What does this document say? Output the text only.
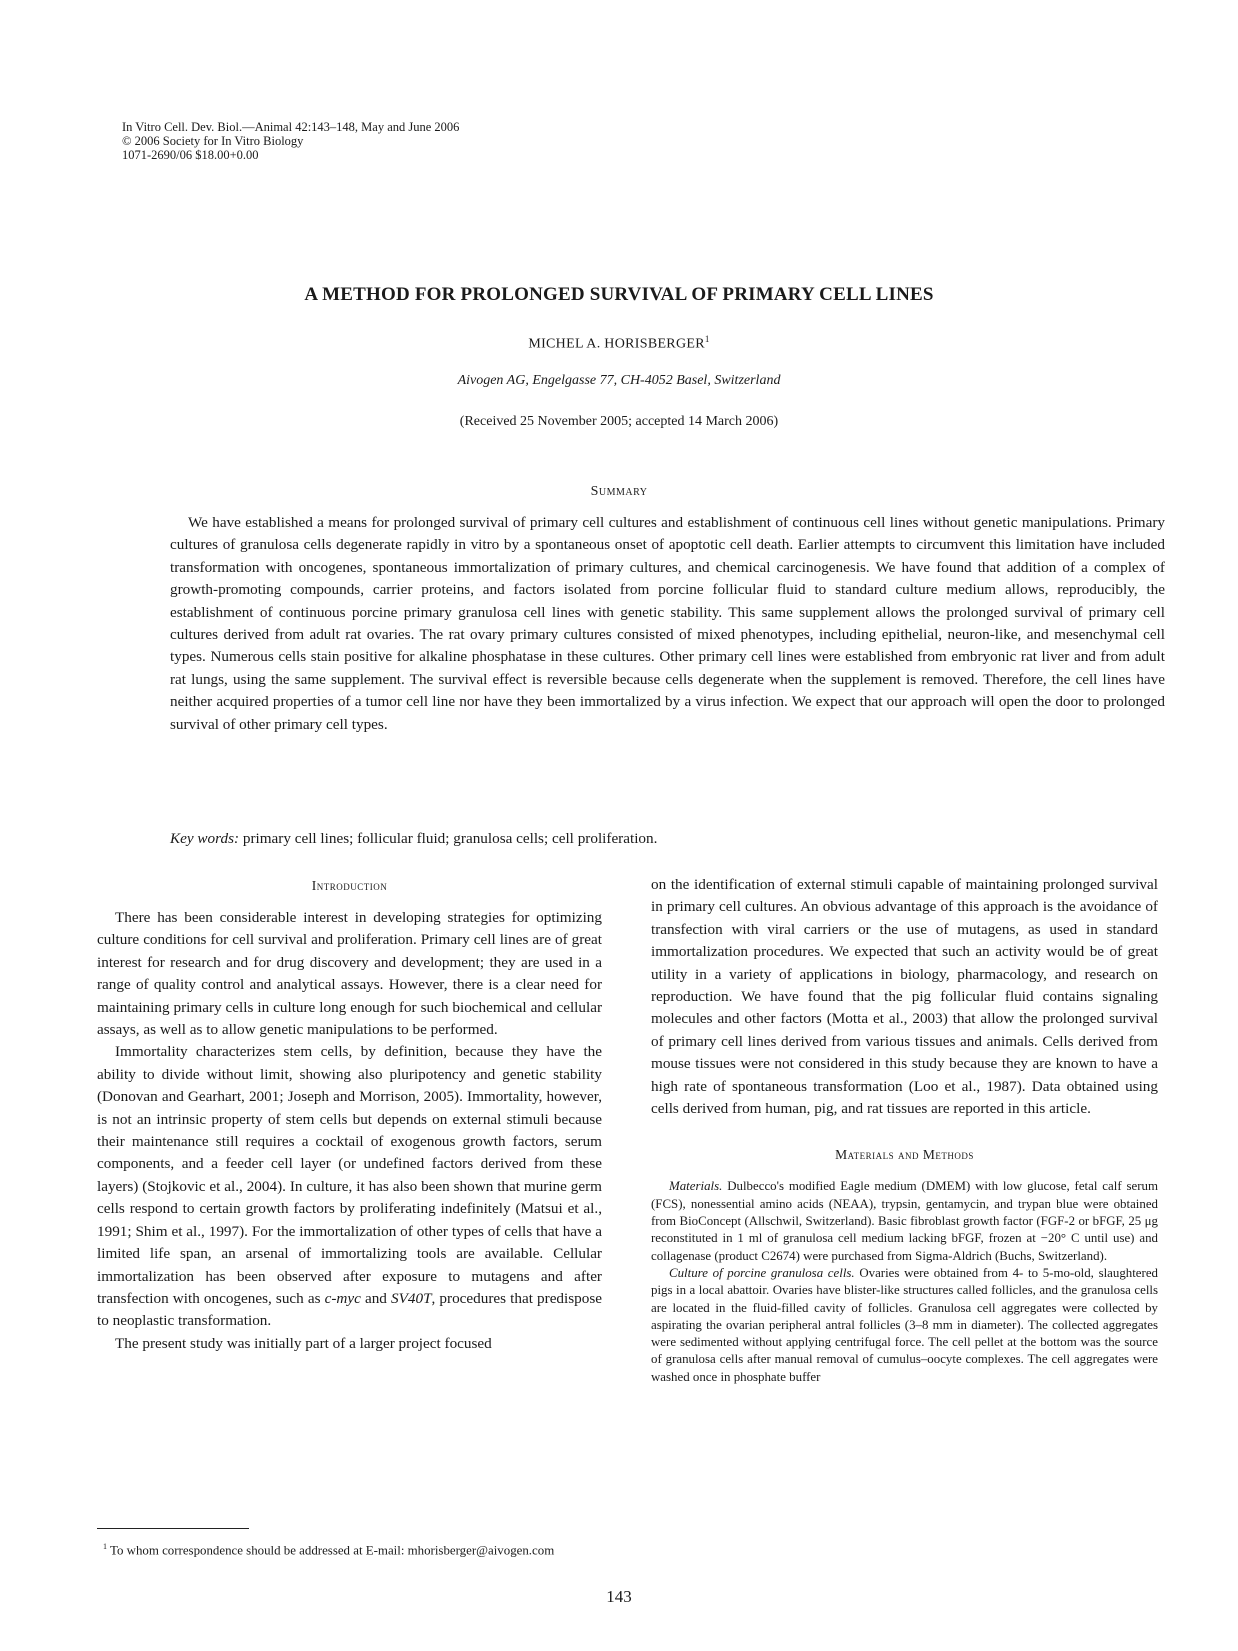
In Vitro Cell. Dev. Biol.—Animal 42:143–148, May and June 2006
© 2006 Society for In Vitro Biology
1071-2690/06 $18.00+0.00
A METHOD FOR PROLONGED SURVIVAL OF PRIMARY CELL LINES
MICHEL A. HORISBERGER$^1$
Aivogen AG, Engelgasse 77, CH-4052 Basel, Switzerland
(Received 25 November 2005; accepted 14 March 2006)
Summary

We have established a means for prolonged survival of primary cell cultures and establishment of continuous cell lines without genetic manipulations. Primary cultures of granulosa cells degenerate rapidly in vitro by a spontaneous onset of apoptotic cell death. Earlier attempts to circumvent this limitation have included transformation with oncogenes, spontaneous immortalization of primary cultures, and chemical carcinogenesis. We have found that addition of a complex of growth-promoting compounds, carrier proteins, and factors isolated from porcine follicular fluid to standard culture medium allows, reproducibly, the establishment of continuous porcine primary granulosa cell lines with genetic stability. This same supplement allows the prolonged survival of primary cell cultures derived from adult rat ovaries. The rat ovary primary cultures consisted of mixed phenotypes, including epithelial, neuron-like, and mesenchymal cell types. Numerous cells stain positive for alkaline phosphatase in these cultures. Other primary cell lines were established from embryonic rat liver and from adult rat lungs, using the same supplement. The survival effect is reversible because cells degenerate when the supplement is removed. Therefore, the cell lines have neither acquired properties of a tumor cell line nor have they been immortalized by a virus infection. We expect that our approach will open the door to prolonged survival of other primary cell types.

Key words: primary cell lines; follicular fluid; granulosa cells; cell proliferation.

Introduction

There has been considerable interest in developing strategies for optimizing culture conditions for cell survival and proliferation. Primary cell lines are of great interest for research and for drug discovery and development; they are used in a range of quality control and analytical assays. However, there is a clear need for maintaining primary cells in culture long enough for such biochemical and cellular assays, as well as to allow genetic manipulations to be performed.

Immortality characterizes stem cells, by definition, because they have the ability to divide without limit, showing also pluripotency and genetic stability (Donovan and Gearhart, 2001; Joseph and Morrison, 2005). Immortality, however, is not an intrinsic property of stem cells but depends on external stimuli because their maintenance still requires a cocktail of exogenous growth factors, serum components, and a feeder cell layer (or undefined factors derived from these layers) (Stojkovic et al., 2004). In culture, it has also been shown that murine germ cells respond to certain growth factors by proliferating indefinitely (Matsui et al., 1991; Shim et al., 1997). For the immortalization of other types of cells that have a limited life span, an arsenal of immortalizing tools are available. Cellular immortalization has been observed after exposure to mutagens and after transfection with oncogenes, such as c-myc and SV40T, procedures that predispose to neoplastic transformation.

The present study was initially part of a larger project focused

on the identification of external stimuli capable of maintaining prolonged survival in primary cell cultures. An obvious advantage of this approach is the avoidance of transfection with viral carriers or the use of mutagens, as used in standard immortalization procedures. We expected that such an activity would be of great utility in a variety of applications in biology, pharmacology, and research on reproduction. We have found that the pig follicular fluid contains signaling molecules and other factors (Motta et al., 2003) that allow the prolonged survival of primary cell lines derived from various tissues and animals. Cells derived from mouse tissues were not considered in this study because they are known to have a high rate of spontaneous transformation (Loo et al., 1987). Data obtained using cells derived from human, pig, and rat tissues are reported in this article.

Materials and Methods

Materials. Dulbecco's modified Eagle medium (DMEM) with low glucose, fetal calf serum (FCS), nonessential amino acids (NEAA), trypsin, gentamycin, and trypan blue were obtained from BioConcept (Allschwil, Switzerland). Basic fibroblast growth factor (FGF-2 or bFGF, 25 μg reconstituted in 1 ml of granulosa cell medium lacking bFGF, frozen at −20° C until use) and collagenase (product C2674) were purchased from Sigma-Aldrich (Buchs, Switzerland).

Culture of porcine granulosa cells. Ovaries were obtained from 4- to 5-mo-old, slaughtered pigs in a local abattoir. Ovaries have blister-like structures called follicles, and the granulosa cells are located in the fluid-filled cavity of follicles. Granulosa cell aggregates were collected by aspirating the ovarian peripheral antral follicles (3–8 mm in diameter). The collected aggregates were sedimented without applying centrifugal force. The cell pellet at the bottom was the source of granulosa cells after manual removal of cumulus–oocyte complexes. The cell aggregates were washed once in phosphate buffer

$^1$ To whom correspondence should be addressed at E-mail: mhorisberger@aivogen.com

143
